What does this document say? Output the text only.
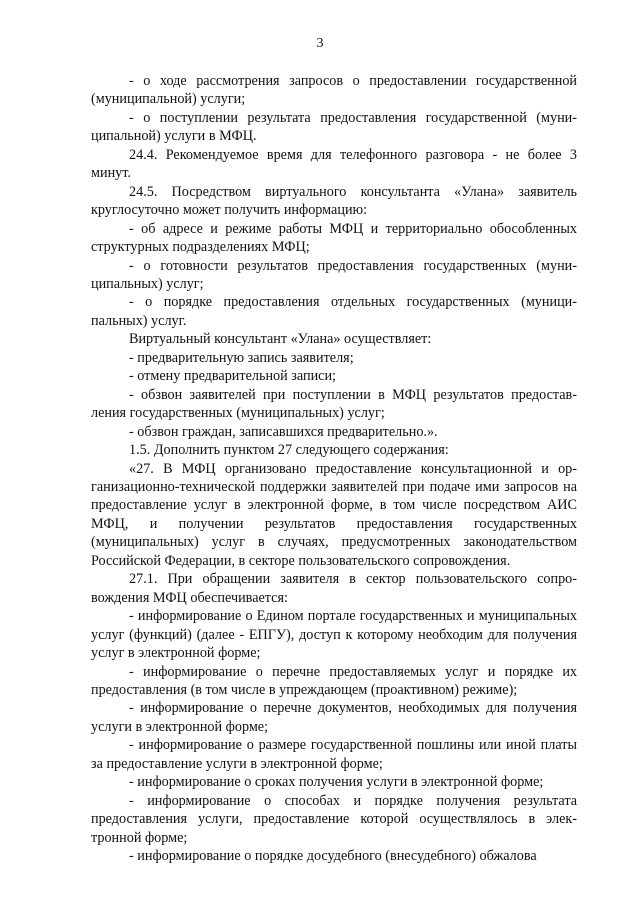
3

- о ходе рассмотрения запросов о предоставлении государственной (муниципальной) услуги;

- о поступлении результата предоставления государственной (муниципальной) услуги в МФЦ.

24.4. Рекомендуемое время для телефонного разговора - не более 3 минут.

24.5. Посредством виртуального консультанта «Улана» заявитель круглосуточно может получить информацию:

- об адресе и режиме работы МФЦ и территориально обособленных структурных подразделениях МФЦ;

- о готовности результатов предоставления государственных (муниципальных) услуг;

- о порядке предоставления отдельных государственных (муниципальных) услуг.

Виртуальный консультант «Улана» осуществляет:

- предварительную запись заявителя;

- отмену предварительной записи;

- обзвон заявителей при поступлении в МФЦ результатов предоставления государственных (муниципальных) услуг;

- обзвон граждан, записавшихся предварительно.».

1.5. Дополнить пунктом 27 следующего содержания:

«27. В МФЦ организовано предоставление консультационной и организационно-технической поддержки заявителей при подаче ими запросов на предоставление услуг в электронной форме, в том числе посредством АИС МФЦ, и получении результатов предоставления государственных (муниципальных) услуг в случаях, предусмотренных законодательством Российской Федерации, в секторе пользовательского сопровождения.

27.1. При обращении заявителя в сектор пользовательского сопровождения МФЦ обеспечивается:

- информирование о Едином портале государственных и муниципальных услуг (функций) (далее - ЕПГУ), доступ к которому необходим для получения услуг в электронной форме;

- информирование о перечне предоставляемых услуг и порядке их предоставления (в том числе в упреждающем (проактивном) режиме);

- информирование о перечне документов, необходимых для получения услуги в электронной форме;

- информирование о размере государственной пошлины или иной платы за предоставление услуги в электронной форме;

- информирование о сроках получения услуги в электронной форме;

- информирование о способах и порядке получения результата предоставления услуги, предоставление которой осуществлялось в электронной форме;

- информирование о порядке досудебного (внесудебного) обжалова
